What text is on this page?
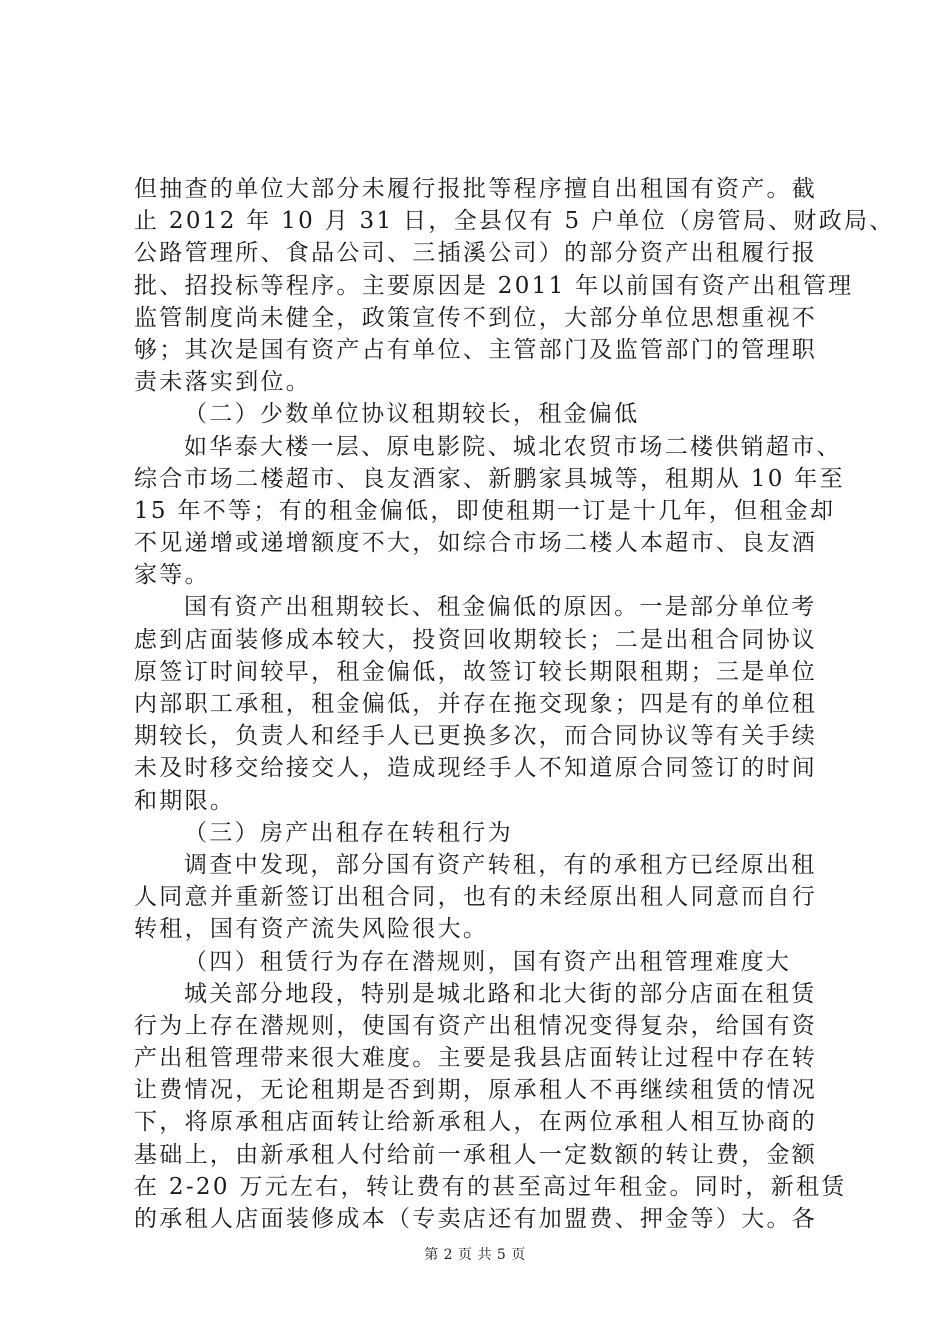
但抽查的单位大部分未履行报批等程序擅自出租国有资产。截
止 2012 年 10 月 31 日，全县仅有 5 户单位（房管局、财政局、
公路管理所、食品公司、三插溪公司）的部分资产出租履行报
批、招投标等程序。主要原因是 2011 年以前国有资产出租管理
监管制度尚未健全，政策宣传不到位，大部分单位思想重视不
够；其次是国有资产占有单位、主管部门及监管部门的管理职
责未落实到位。
（二）少数单位协议租期较长，租金偏低
如华泰大楼一层、原电影院、城北农贸市场二楼供销超市、
综合市场二楼超市、良友酒家、新鹏家具城等，租期从 10 年至
15 年不等；有的租金偏低，即使租期一订是十几年，但租金却
不见递增或递增额度不大，如综合市场二楼人本超市、良友酒
家等。
国有资产出租期较长、租金偏低的原因。一是部分单位考
虑到店面装修成本较大，投资回收期较长；二是出租合同协议
原签订时间较早，租金偏低，故签订较长期限租期；三是单位
内部职工承租，租金偏低，并存在拖交现象；四是有的单位租
期较长，负责人和经手人已更换多次，而合同协议等有关手续
未及时移交给接交人，造成现经手人不知道原合同签订的时间
和期限。
（三）房产出租存在转租行为
调查中发现，部分国有资产转租，有的承租方已经原出租
人同意并重新签订出租合同，也有的未经原出租人同意而自行
转租，国有资产流失风险很大。
（四）租赁行为存在潜规则，国有资产出租管理难度大
城关部分地段，特别是城北路和北大街的部分店面在租赁
行为上存在潜规则，使国有资产出租情况变得复杂，给国有资
产出租管理带来很大难度。主要是我县店面转让过程中存在转
让费情况，无论租期是否到期，原承租人不再继续租赁的情况
下，将原承租店面转让给新承租人，在两位承租人相互协商的
基础上，由新承租人付给前一承租人一定数额的转让费，金额
在 2-20 万元左右，转让费有的甚至高过年租金。同时，新租赁
的承租人店面装修成本（专卖店还有加盟费、押金等）大。各
第 2 页 共 5 页
